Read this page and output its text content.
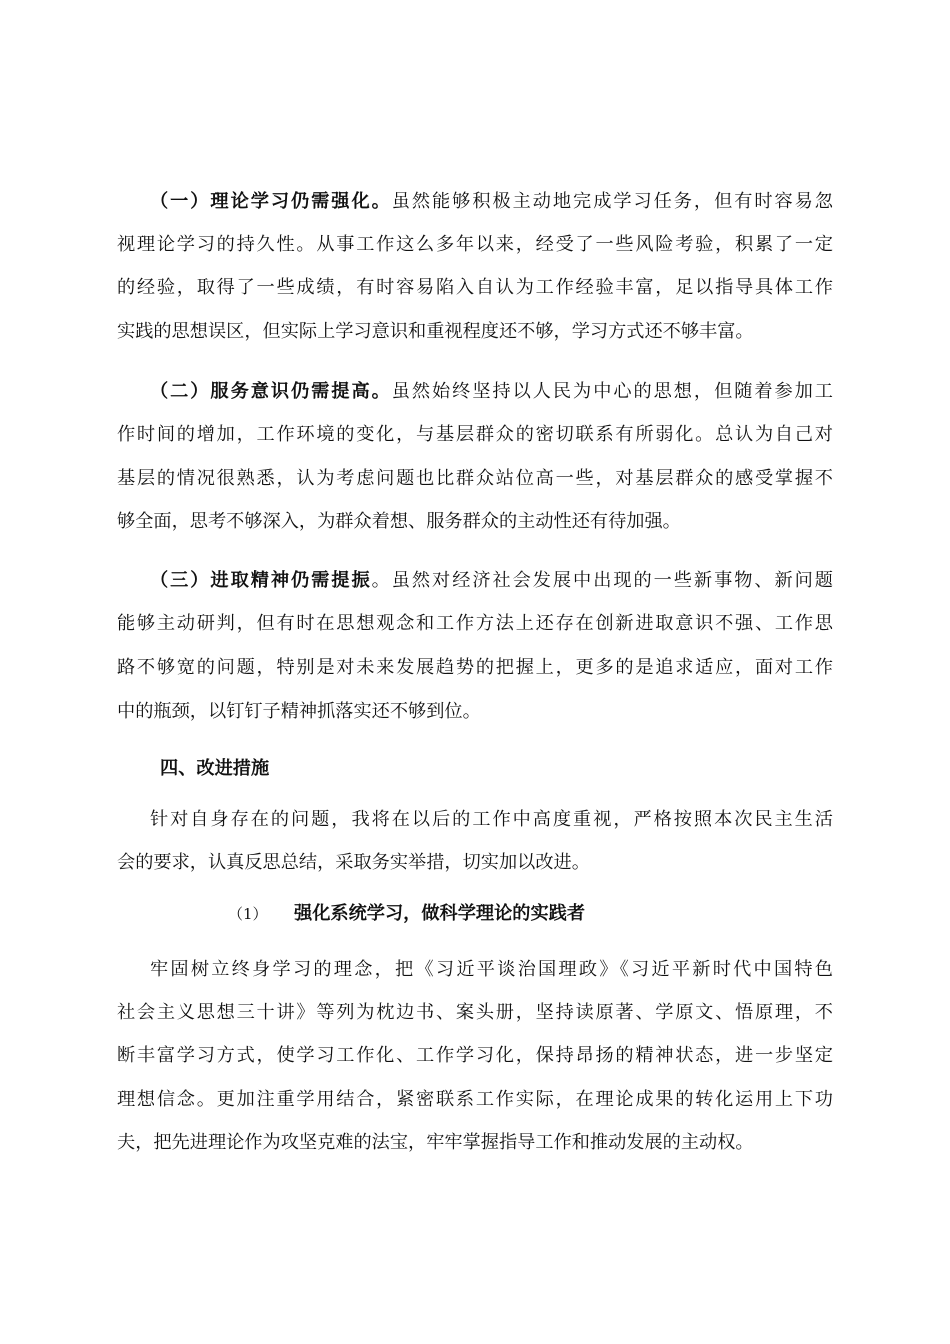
（一）理论学习仍需强化。虽然能够积极主动地完成学习任务，但有时容易忽
视理论学习的持久性。从事工作这么多年以来，经受了一些风险考验，积累了一定
的经验，取得了一些成绩，有时容易陷入自认为工作经验丰富，足以指导具体工作
实践的思想误区，但实际上学习意识和重视程度还不够，学习方式还不够丰富。
（二）服务意识仍需提高。虽然始终坚持以人民为中心的思想，但随着参加工
作时间的增加，工作环境的变化，与基层群众的密切联系有所弱化。总认为自己对
基层的情况很熟悉，认为考虑问题也比群众站位高一些，对基层群众的感受掌握不
够全面，思考不够深入，为群众着想、服务群众的主动性还有待加强。
（三）进取精神仍需提振。虽然对经济社会发展中出现的一些新事物、新问题
能够主动研判，但有时在思想观念和工作方法上还存在创新进取意识不强、工作思
路不够宽的问题，特别是对未来发展趋势的把握上，更多的是追求适应，面对工作
中的瓶颈，以钉钉子精神抓落实还不够到位。
四、改进措施
针对自身存在的问题，我将在以后的工作中高度重视，严格按照本次民主生活
会的要求，认真反思总结，采取务实举措，切实加以改进。
（1） 强化系统学习，做科学理论的实践者
牢固树立终身学习的理念，把《习近平谈治国理政》《习近平新时代中国特色
社会主义思想三十讲》等列为枕边书、案头册，坚持读原著、学原文、悟原理，不
断丰富学习方式，使学习工作化、工作学习化，保持昂扬的精神状态，进一步坚定
理想信念。更加注重学用结合，紧密联系工作实际，在理论成果的转化运用上下功
夫，把先进理论作为攻坚克难的法宝，牢牢掌握指导工作和推动发展的主动权。
